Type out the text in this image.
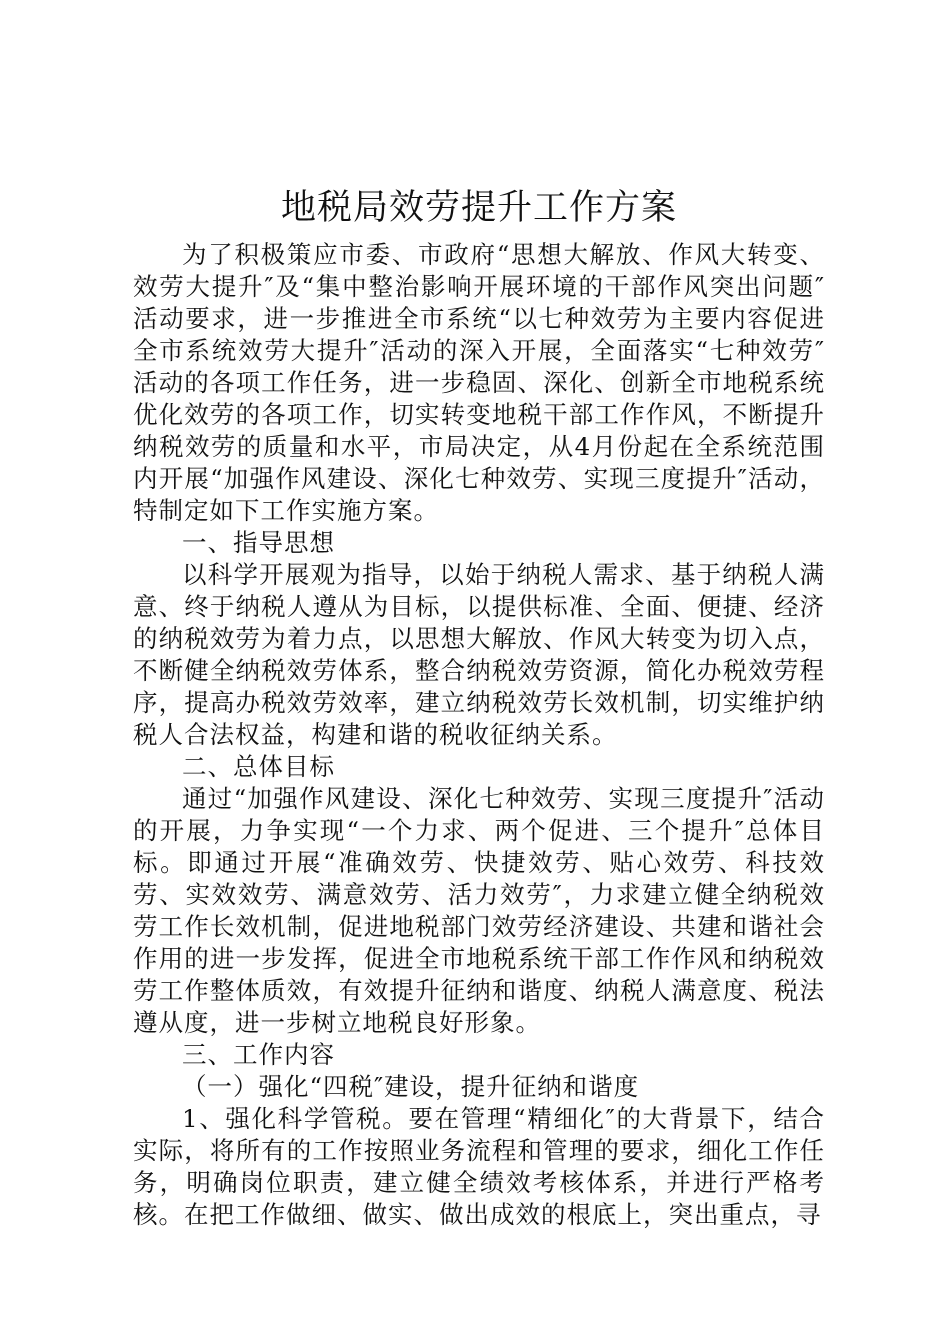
地税局效劳提升工作方案

为了积极策应市委、市政府“思想大解放、作风大转变、效劳大提升″及“集中整治影响开展环境的干部作风突出问题″活动要求，进一步推进全市系统“以七种效劳为主要内容促进全市系统效劳大提升″活动的深入开展，全面落实“七种效劳″活动的各项工作任务，进一步稳固、深化、创新全市地税系统优化效劳的各项工作，切实转变地税干部工作作风，不断提升纳税效劳的质量和水平，市局决定，从4月份起在全系统范围内开展“加强作风建设、深化七种效劳、实现三度提升″活动，特制定如下工作实施方案。

一、指导思想

以科学开展观为指导，以始于纳税人需求、基于纳税人满意、终于纳税人遵从为目标，以提供标准、全面、便捷、经济的纳税效劳为着力点，以思想大解放、作风大转变为切入点，不断健全纳税效劳体系，整合纳税效劳资源，简化办税效劳程序，提高办税效劳效率，建立纳税效劳长效机制，切实维护纳税人合法权益，构建和谐的税收征纳关系。

二、总体目标

通过“加强作风建设、深化七种效劳、实现三度提升″活动的开展，力争实现“一个力求、两个促进、三个提升″总体目标。即通过开展“准确效劳、快捷效劳、贴心效劳、科技效劳、实效效劳、满意效劳、活力效劳″，力求建立健全纳税效劳工作长效机制，促进地税部门效劳经济建设、共建和谐社会作用的进一步发挥，促进全市地税系统干部工作作风和纳税效劳工作整体质效，有效提升征纳和谐度、纳税人满意度、税法遵从度，进一步树立地税良好形象。

三、工作内容

（一）强化“四税″建设，提升征纳和谐度

1、强化科学管税。要在管理“精细化″的大背景下，结合实际，将所有的工作按照业务流程和管理的要求，细化工作任务，明确岗位职责，建立健全绩效考核体系，并进行严格考核。在把工作做细、做实、做出成效的根底上，突出重点，寻
